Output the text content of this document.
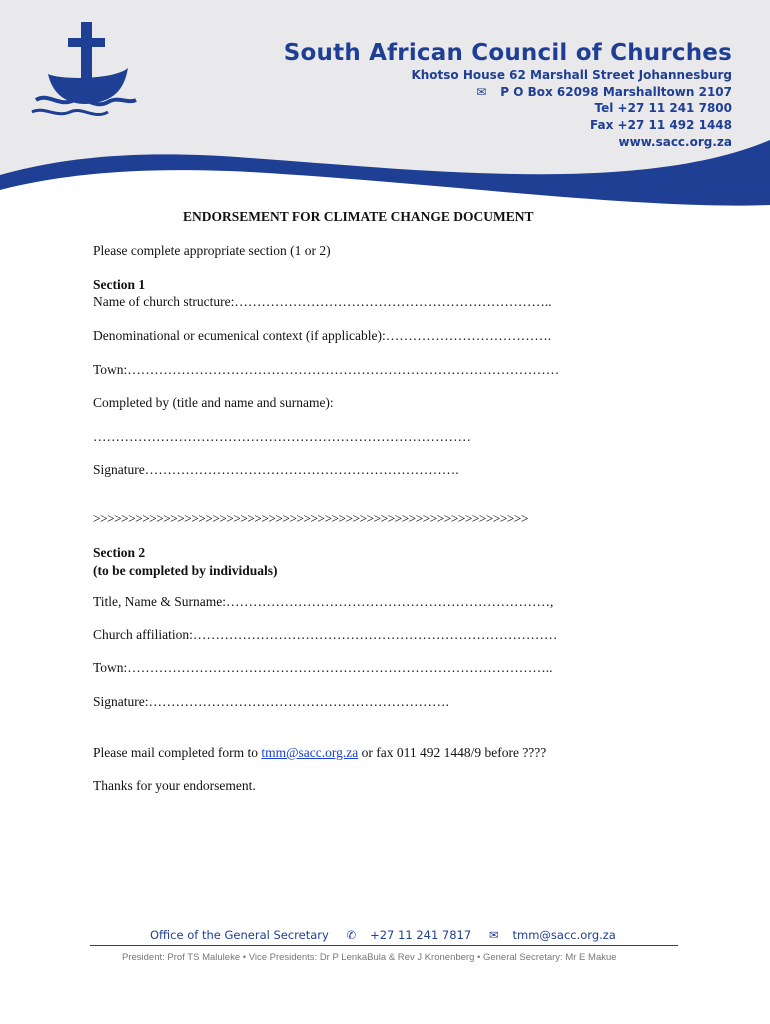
South African Council of Churches
Khotso House 62 Marshall Street Johannesburg
✉ P O Box 62098 Marshalltown 2107
Tel +27 11 241 7800
Fax +27 11 492 1448
www.sacc.org.za
ENDORSEMENT FOR CLIMATE CHANGE DOCUMENT
Please complete appropriate section (1 or 2)
Section 1
Name of church structure:……………………………………………………………..
Denominational or ecumenical context (if applicable):……………………………….
Town:……………………………………………………………………………………
Completed by (title and name and surname):
…………………………………………………………………………
Signature…………………………………………………………….
>>>>>>>>>>>>>>>>>>>>>>>>>>>>>>>>>>>>>>>>>>>>>>>>>>>>>>>>>>>>>>
Section 2
(to be completed by individuals)
Title, Name & Surname:………………………………………………………………,
Church affiliation:………………………………………………………………………
Town:…………………………………………………………………………………..
Signature:………………………………………………………….
Please mail completed form to tmm@sacc.org.za or fax 011 492 1448/9 before ????
Thanks for your endorsement.
Office of the General Secretary ✆ +27 11 241 7817 ✉ tmm@sacc.org.za
President: Prof TS Maluleke • Vice Presidents: Dr P LenkaBula & Rev J Kronenberg • General Secretary: Mr E Makue
